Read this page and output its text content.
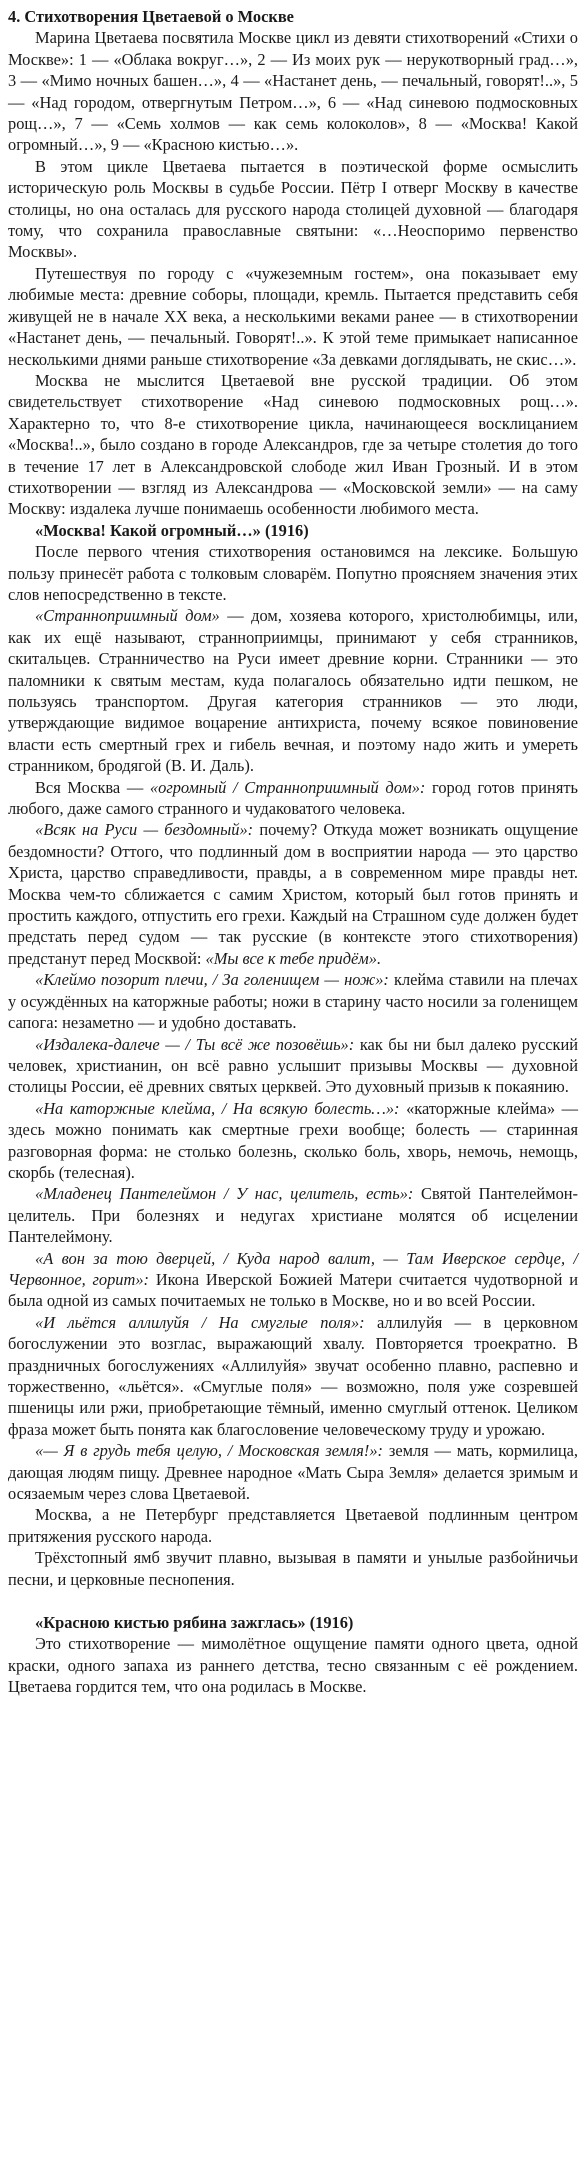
4. Стихотворения Цветаевой о Москве

Марина Цветаева посвятила Москве цикл из девяти стихотворений «Стихи о Москве»: 1 — «Облака вокруг…», 2 — Из моих рук — нерукотворный град…», 3 — «Мимо ночных башен…», 4 — «Настанет день, — печальный, говорят!..», 5 — «Над городом, отвергнутым Петром…», 6 — «Над синевою подмосковных рощ…», 7 — «Семь холмов — как семь колоколов», 8 — «Москва! Какой огромный…», 9 — «Красною кистью…».

В этом цикле Цветаева пытается в поэтической форме осмыслить историческую роль Москвы в судьбе России. Пётр I отверг Москву в качестве столицы, но она осталась для русского народа столицей духовной — благодаря тому, что сохранила православные святыни: «…Неоспоримо первенство Москвы».

Путешествуя по городу с «чужеземным гостем», она показывает ему любимые места: древние соборы, площади, кремль. Пытается представить себя живущей не в начале XX века, а несколькими веками ранее — в стихотворении «Настанет день, — печальный. Говорят!..». К этой теме примыкает написанное несколькими днями раньше стихотворение «За девками доглядывать, не скис…».

Москва не мыслится Цветаевой вне русской традиции. Об этом свидетельствует стихотворение «Над синевою подмосковных рощ…». Характерно то, что 8-е стихотворение цикла, начинающееся восклицанием «Москва!..», было создано в городе Александров, где за четыре столетия до того в течение 17 лет в Александровской слободе жил Иван Грозный. И в этом стихотворении — взгляд из Александрова — «Московской земли» — на саму Москву: издалека лучше понимаешь особенности любимого места.

«Москва! Какой огромный…» (1916)

После первого чтения стихотворения остановимся на лексике. Большую пользу принесёт работа с толковым словарём. Попутно проясняем значения этих слов непосредственно в тексте.

«Странноприимный дом» — дом, хозяева которого, христолюбимцы, или, как их ещё называют, странноприимцы, принимают у себя странников, скитальцев. Странничество на Руси имеет древние корни. Странники — это паломники к святым местам, куда полагалось обязательно идти пешком, не пользуясь транспортом. Другая категория странников — это люди, утверждающие видимое воцарение антихриста, почему всякое повиновение власти есть смертный грех и гибель вечная, и поэтому надо жить и умереть странником, бродягой (В. И. Даль).

Вся Москва — «огромный / Странноприимный дом»: город готов принять любого, даже самого странного и чудаковатого человека.

«Всяк на Руси — бездомный»: почему? Откуда может возникать ощущение бездомности? Оттого, что подлинный дом в восприятии народа — это царство Христа, царство справедливости, правды, а в современном мире правды нет. Москва чем-то сближается с самим Христом, который был готов принять и простить каждого, отпустить его грехи. Каждый на Страшном суде должен будет предстать перед судом — так русские (в контексте этого стихотворения) предстанут перед Москвой: «Мы все к тебе придём».

«Клеймо позорит плечи, / За голенищем — нож»: клейма ставили на плечах у осуждённых на каторжные работы; ножи в старину часто носили за голенищем сапога: незаметно — и удобно доставать.

«Издалека-далече — / Ты всё же позовёшь»: как бы ни был далеко русский человек, христианин, он всё равно услышит призывы Москвы — духовной столицы России, её древних святых церквей. Это духовный призыв к покаянию.

«На каторжные клейма, / На всякую болесть…»: «каторжные клейма» — здесь можно понимать как смертные грехи вообще; болесть — старинная разговорная форма: не столько болезнь, сколько боль, хворь, немочь, немощь, скорбь (телесная).

«Младенец Пантелеймон / У нас, целитель, есть»: Святой Пантелеймон-целитель. При болезнях и недугах христиане молятся об исцелении Пантелеймону.

«А вон за тою дверцей, / Куда народ валит, — Там Иверское сердце, / Червонное, горит»: Икона Иверской Божией Матери считается чудотворной и была одной из самых почитаемых не только в Москве, но и во всей России.

«И льётся аллилуйя / На смуглые поля»: аллилуйя — в церковном богослужении это возглас, выражающий хвалу. Повторяется троекратно. В праздничных богослужениях «Аллилуйя» звучат особенно плавно, распевно и торжественно, «льётся». «Смуглые поля» — возможно, поля уже созревшей пшеницы или ржи, приобретающие тёмный, именно смуглый оттенок. Целиком фраза может быть понята как благословение человеческому труду и урожаю.

«— Я в грудь тебя целую, / Московская земля!»: земля — мать, кормилица, дающая людям пищу. Древнее народное «Мать Сыра Земля» делается зримым и осязаемым через слова Цветаевой.

Москва, а не Петербург представляется Цветаевой подлинным центром притяжения русского народа.

Трёхстопный ямб звучит плавно, вызывая в памяти и унылые разбойничьи песни, и церковные песнопения.

«Красною кистью рябина зажглась» (1916)

Это стихотворение — мимолётное ощущение памяти одного цвета, одной краски, одного запаха из раннего детства, тесно связанным с её рождением. Цветаева гордится тем, что она родилась в Москве.
